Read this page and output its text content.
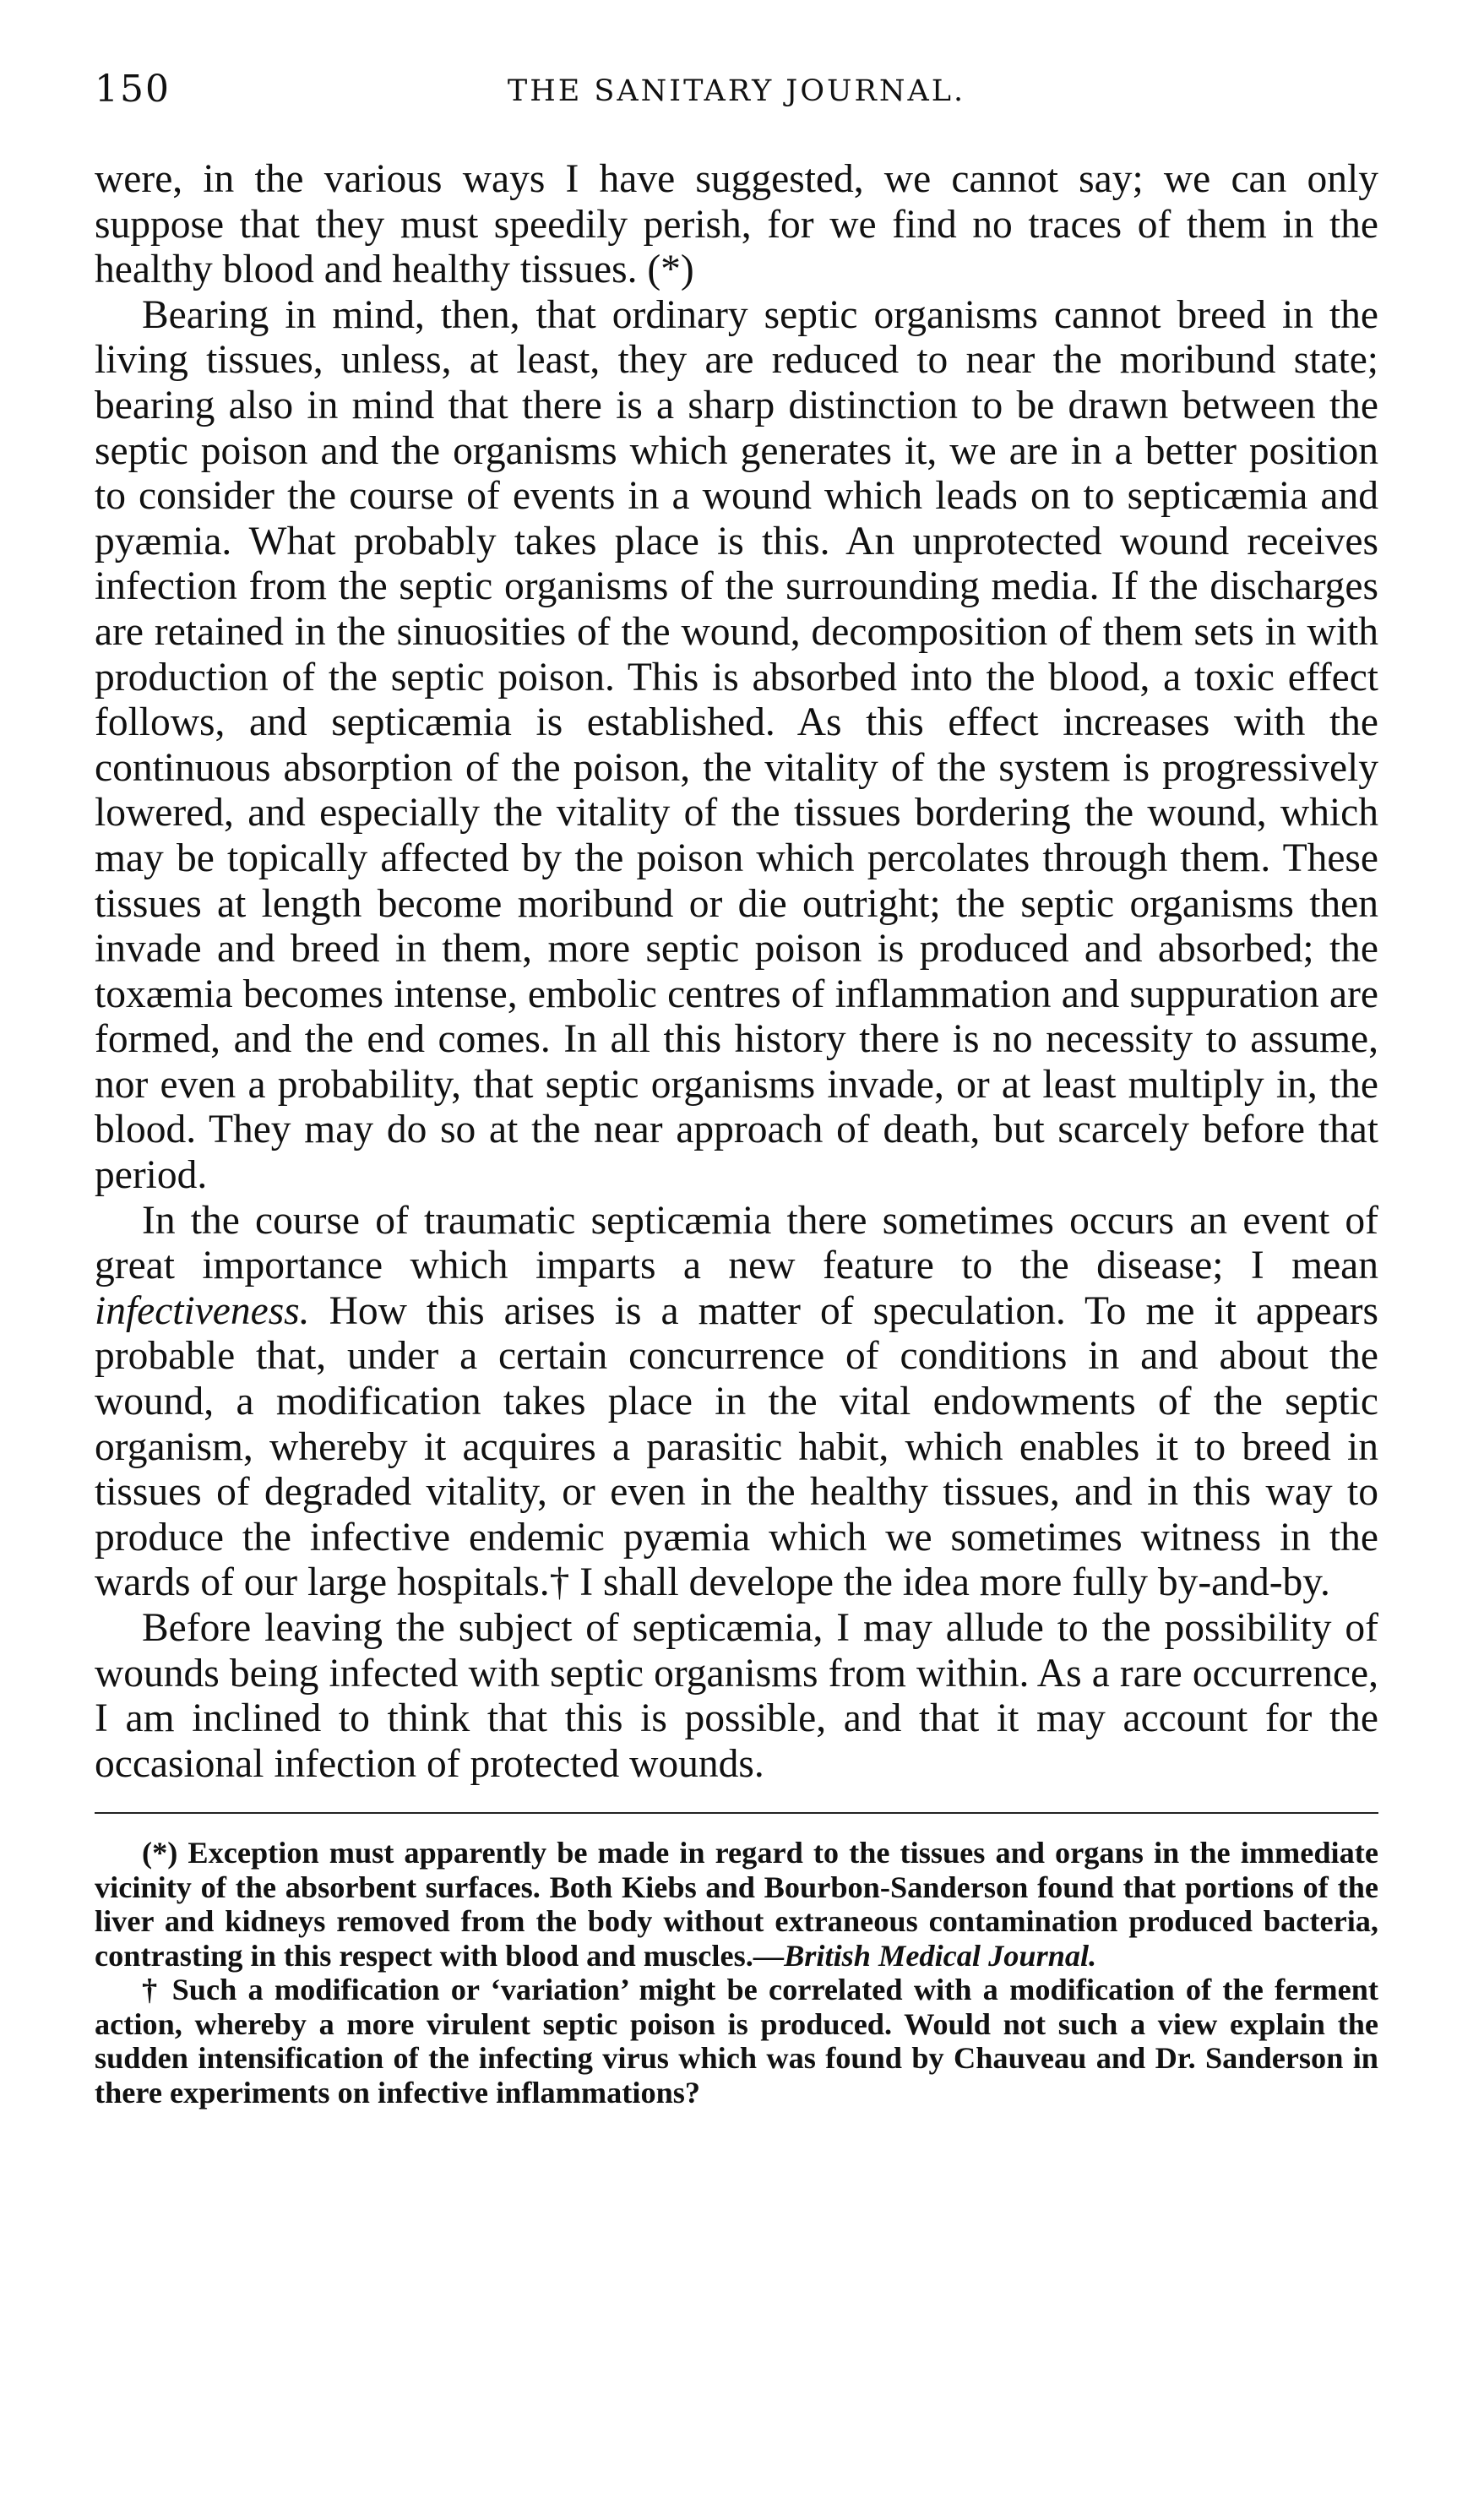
150	THE SANITARY JOURNAL.

were, in the various ways I have suggested, we cannot say; we can only suppose that they must speedily perish, for we find no traces of them in the healthy blood and healthy tissues. (*)

Bearing in mind, then, that ordinary septic organisms cannot breed in the living tissues, unless, at least, they are reduced to near the moribund state; bearing also in mind that there is a sharp distinction to be drawn between the septic poison and the organisms which generates it, we are in a better position to consider the course of events in a wound which leads on to septicæmia and pyæmia. What probably takes place is this. An unprotected wound receives infection from the septic organisms of the surrounding media. If the discharges are retained in the sinuosities of the wound, decomposition of them sets in with production of the septic poison. This is absorbed into the blood, a toxic effect follows, and septicæmia is established. As this effect increases with the continuous absorption of the poison, the vitality of the system is progressively lowered, and especially the vitality of the tissues bordering the wound, which may be topically affected by the poison which percolates through them. These tissues at length become moribund or die outright; the septic organisms then invade and breed in them, more septic poison is produced and absorbed; the toxæmia becomes intense, embolic centres of inflammation and suppuration are formed, and the end comes. In all this history there is no necessity to assume, nor even a probability, that septic organisms invade, or at least multiply in, the blood. They may do so at the near approach of death, but scarcely before that period.

In the course of traumatic septicæmia there sometimes occurs an event of great importance which imparts a new feature to the disease; I mean infectiveness. How this arises is a matter of speculation. To me it appears probable that, under a certain concurrence of conditions in and about the wound, a modification takes place in the vital endowments of the septic organism, whereby it acquires a parasitic habit, which enables it to breed in tissues of degraded vitality, or even in the healthy tissues, and in this way to produce the infective endemic pyæmia which we sometimes witness in the wards of our large hospitals.† I shall develope the idea more fully by-and-by.

Before leaving the subject of septicæmia, I may allude to the possibility of wounds being infected with septic organisms from within. As a rare occurrence, I am inclined to think that this is possible, and that it may account for the occasional infection of protected wounds.

(*) Exception must apparently be made in regard to the tissues and organs in the immediate vicinity of the absorbent surfaces. Both Kiebs and Bourbon-Sanderson found that portions of the liver and kidneys removed from the body without extraneous contamination produced bacteria, contrasting in this respect with blood and muscles.—British Medical Journal.

† Such a modification or ‘variation’ might be correlated with a modification of the ferment action, whereby a more virulent septic poison is produced. Would not such a view explain the sudden intensification of the infecting virus which was found by Chauveau and Dr. Sanderson in there experiments on infective inflammations?
